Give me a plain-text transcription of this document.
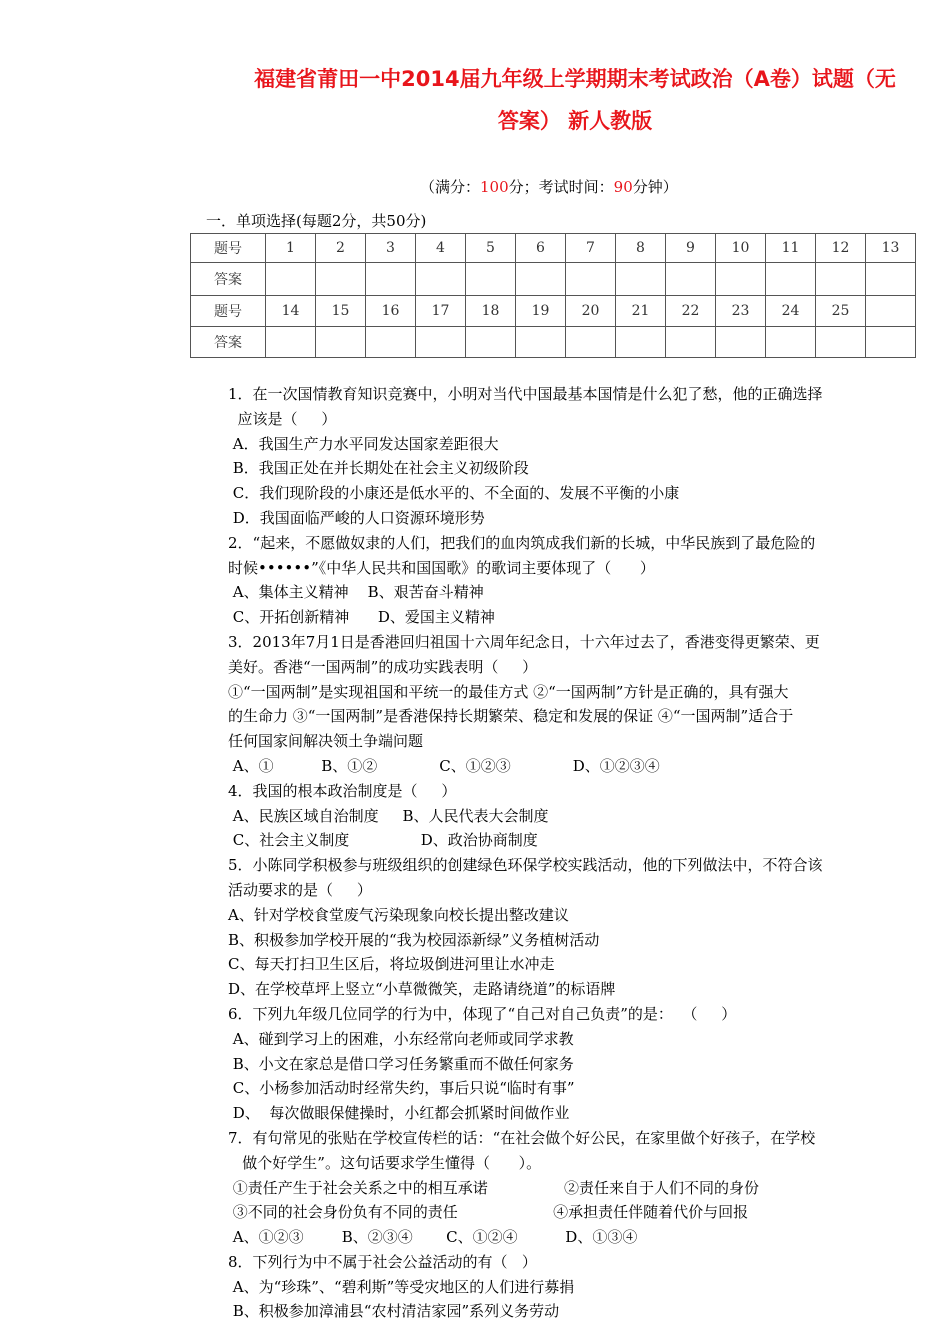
福建省莆田一中2014届九年级上学期期末考试政治（A卷）试题（无
答案） 新人教版
（满分：100分；考试时间：90分钟）
一．单项选择(每题2分，共50分)
题号	1	2	3	4	5	6	7	8	9	10	11	12	13
答案													
题号	14	15	16	17	18	19	20	21	22	23	24	25	
答案													
1．在一次国情教育知识竞赛中，小明对当代中国最基本国情是什么犯了愁，他的正确选择
应该是（     ）
A．我国生产力水平同发达国家差距很大
B．我国正处在并长期处在社会主义初级阶段
C．我们现阶段的小康还是低水平的、不全面的、发展不平衡的小康
D．我国面临严峻的人口资源环境形势
2．“起来，不愿做奴隶的人们，把我们的血肉筑成我们新的长城，中华民族到了最危险的
时候••••••”《中华人民共和国国歌》的歌词主要体现了（      ）
A、集体主义精神    B、艰苦奋斗精神
C、开拓创新精神      D、爱国主义精神
3．2013年7月1日是香港回归祖国十六周年纪念日，十六年过去了，香港变得更繁荣、更
美好。香港“一国两制”的成功实践表明（     ）
①“一国两制”是实现祖国和平统一的最佳方式 ②“一国两制”方针是正确的，具有强大
的生命力 ③“一国两制”是香港保持长期繁荣、稳定和发展的保证 ④“一国两制”适合于
任何国家间解决领土争端问题
A、①          B、①②             C、①②③             D、①②③④
4．我国的根本政治制度是（     ）
A、民族区域自治制度     B、人民代表大会制度
C、社会主义制度               D、政治协商制度
5．小陈同学积极参与班级组织的创建绿色环保学校实践活动，他的下列做法中，不符合该
活动要求的是（     ）
A、针对学校食堂废气污染现象向校长提出整改建议
B、积极参加学校开展的“我为校园添新绿”义务植树活动
C、每天打扫卫生区后，将垃圾倒进河里让水冲走
D、在学校草坪上竖立“小草微微笑，走路请绕道”的标语牌
6．下列九年级几位同学的行为中，体现了“自己对自己负责”的是：  （     ）
A、碰到学习上的困难，小东经常向老师或同学求教
B、小文在家总是借口学习任务繁重而不做任何家务
C、小杨参加活动时经常失约，事后只说“临时有事”
D、  每次做眼保健操时，小红都会抓紧时间做作业
7．有句常见的张贴在学校宣传栏的话：“在社会做个好公民，在家里做个好孩子，在学校
做个好学生”。这句话要求学生懂得（      ）。
①责任产生于社会关系之中的相互承诺                ②责任来自于人们不同的身份
③不同的社会身份负有不同的责任                    ④承担责任伴随着代价与回报
A、①②③        B、②③④       C、①②④          D、①③④
8．下列行为中不属于社会公益活动的有（   ）
A、为“珍珠”、“碧利斯”等受灾地区的人们进行募捐
B、积极参加漳浦县“农村清洁家园”系列义务劳动
